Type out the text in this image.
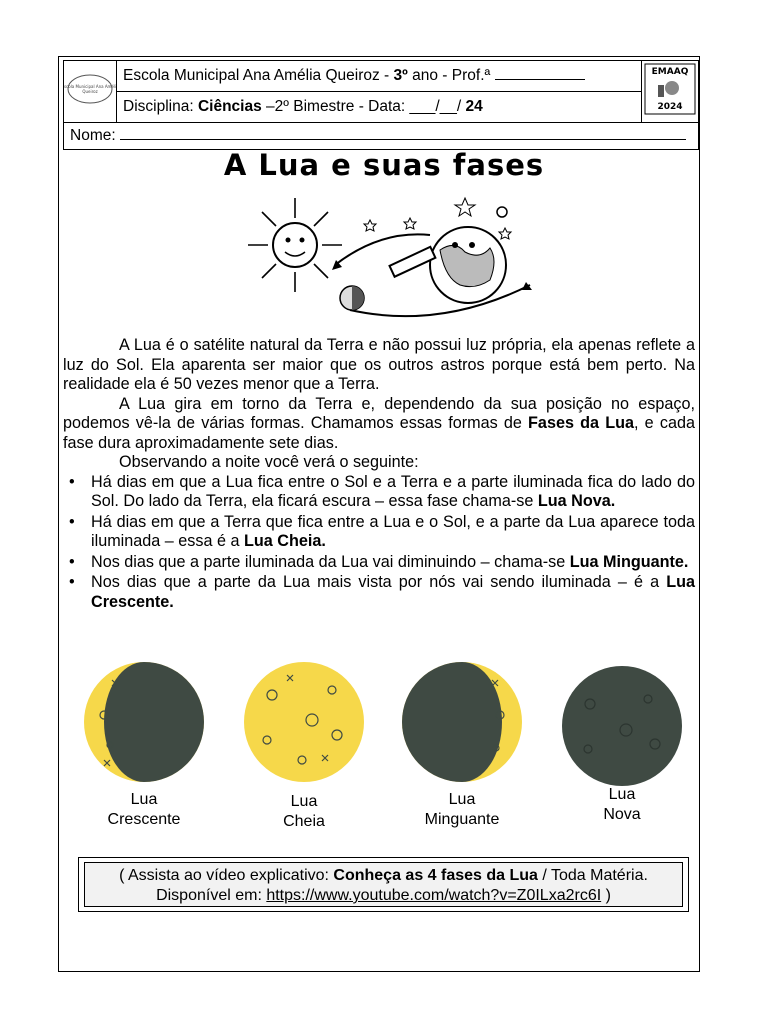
Escola Municipal Ana Amélia
Queiroz
	Escola Municipal Ana Amélia Queiroz - 3º ano - Prof.ª	EMAAQ
2024

Disciplina: Ciências –2º Bimestre - Data: ___/__/ 24
Nome:
A Lua e suas fases

A Lua é o satélite natural da Terra e não possui luz própria, ela apenas reflete a luz do Sol. Ela aparenta ser maior que os outros astros porque está bem perto. Na realidade ela é 50 vezes menor que a Terra.

A Lua gira em torno da Terra e, dependendo da sua posição no espaço, podemos vê-la de várias formas. Chamamos essas formas de Fases da Lua, e cada fase dura aproximadamente sete dias.

Observando a noite você verá o seguinte:

• Há dias em que a Lua fica entre o Sol e a Terra e a parte iluminada fica do lado do Sol. Do lado da Terra, ela ficará escura – essa fase chama-se Lua Nova.
• Há dias em que a Terra que fica entre a Lua e o Sol, e a parte da Lua aparece toda iluminada – essa é a Lua Cheia.
• Nos dias que a parte iluminada da Lua vai diminuindo – chama-se Lua Minguante.
• Nos dias que a parte da Lua mais vista por nós vai sendo iluminada – é a Lua Crescente.
Lua
Crescente
Lua
Cheia
Lua
Minguante
Lua
Nova
( Assista ao vídeo explicativo: Conheça as 4 fases da Lua / Toda Matéria. Disponível em: https://www.youtube.com/watch?v=Z0ILxa2rc6I )
